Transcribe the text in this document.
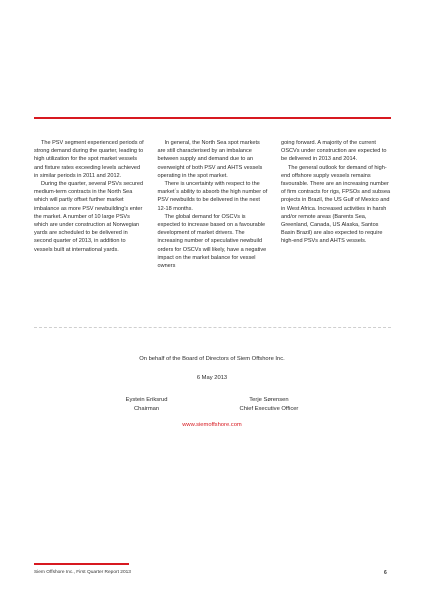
The PSV segment experienced periods of strong demand during the quarter, leading to high utilization for the spot market vessels and fixture rates exceeding levels achieved in similar periods in 2011 and 2012.

During the quarter, several PSVs secured medium-term contracts in the North Sea which will partly offset further market imbalance as more PSV newbuilding's enter the market. A number of 10 large PSVs which are under construction at Norwegian yards are scheduled to be delivered in second quarter of 2013, in addition to vessels built at international yards.

In general, the North Sea spot markets are still characterised by an imbalance between supply and demand due to an overweight of both PSV and AHTS vessels operating in the spot market.

There is uncertainty with respect to the market´s ability to absorb the high number of PSV newbuilds to be delivered in the next 12-18 months.

The global demand for OSCVs is expected to increase based on a favourable development of market drivers. The increasing number of speculative newbuild orders for OSCVs will likely, have a negative impact on the market balance for vessel owners

going forward. A majority of the current OSCVs under construction are expected to be delivered in 2013 and 2014.

The general outlook for demand of high-end offshore supply vessels remains favourable. There are an increasing number of firm contracts for rigs, FPSOs and subsea projects in Brazil, the US Gulf of Mexico and in West Africa. Increased activities in harsh and/or remote areas (Barents Sea, Greenland, Canada, US Alaska, Santos Basin Brazil) are also expected to require high-end PSVs and AHTS vessels.

On behalf of the Board of Directors of Siem Offshore Inc.

6 May 2013

Eystein Eriksrud
Chairman
Terje Sørensen
Chief Executive Officer
www.siemoffshore.com
Siem Offshore Inc., First Quarter Report 2013	6
